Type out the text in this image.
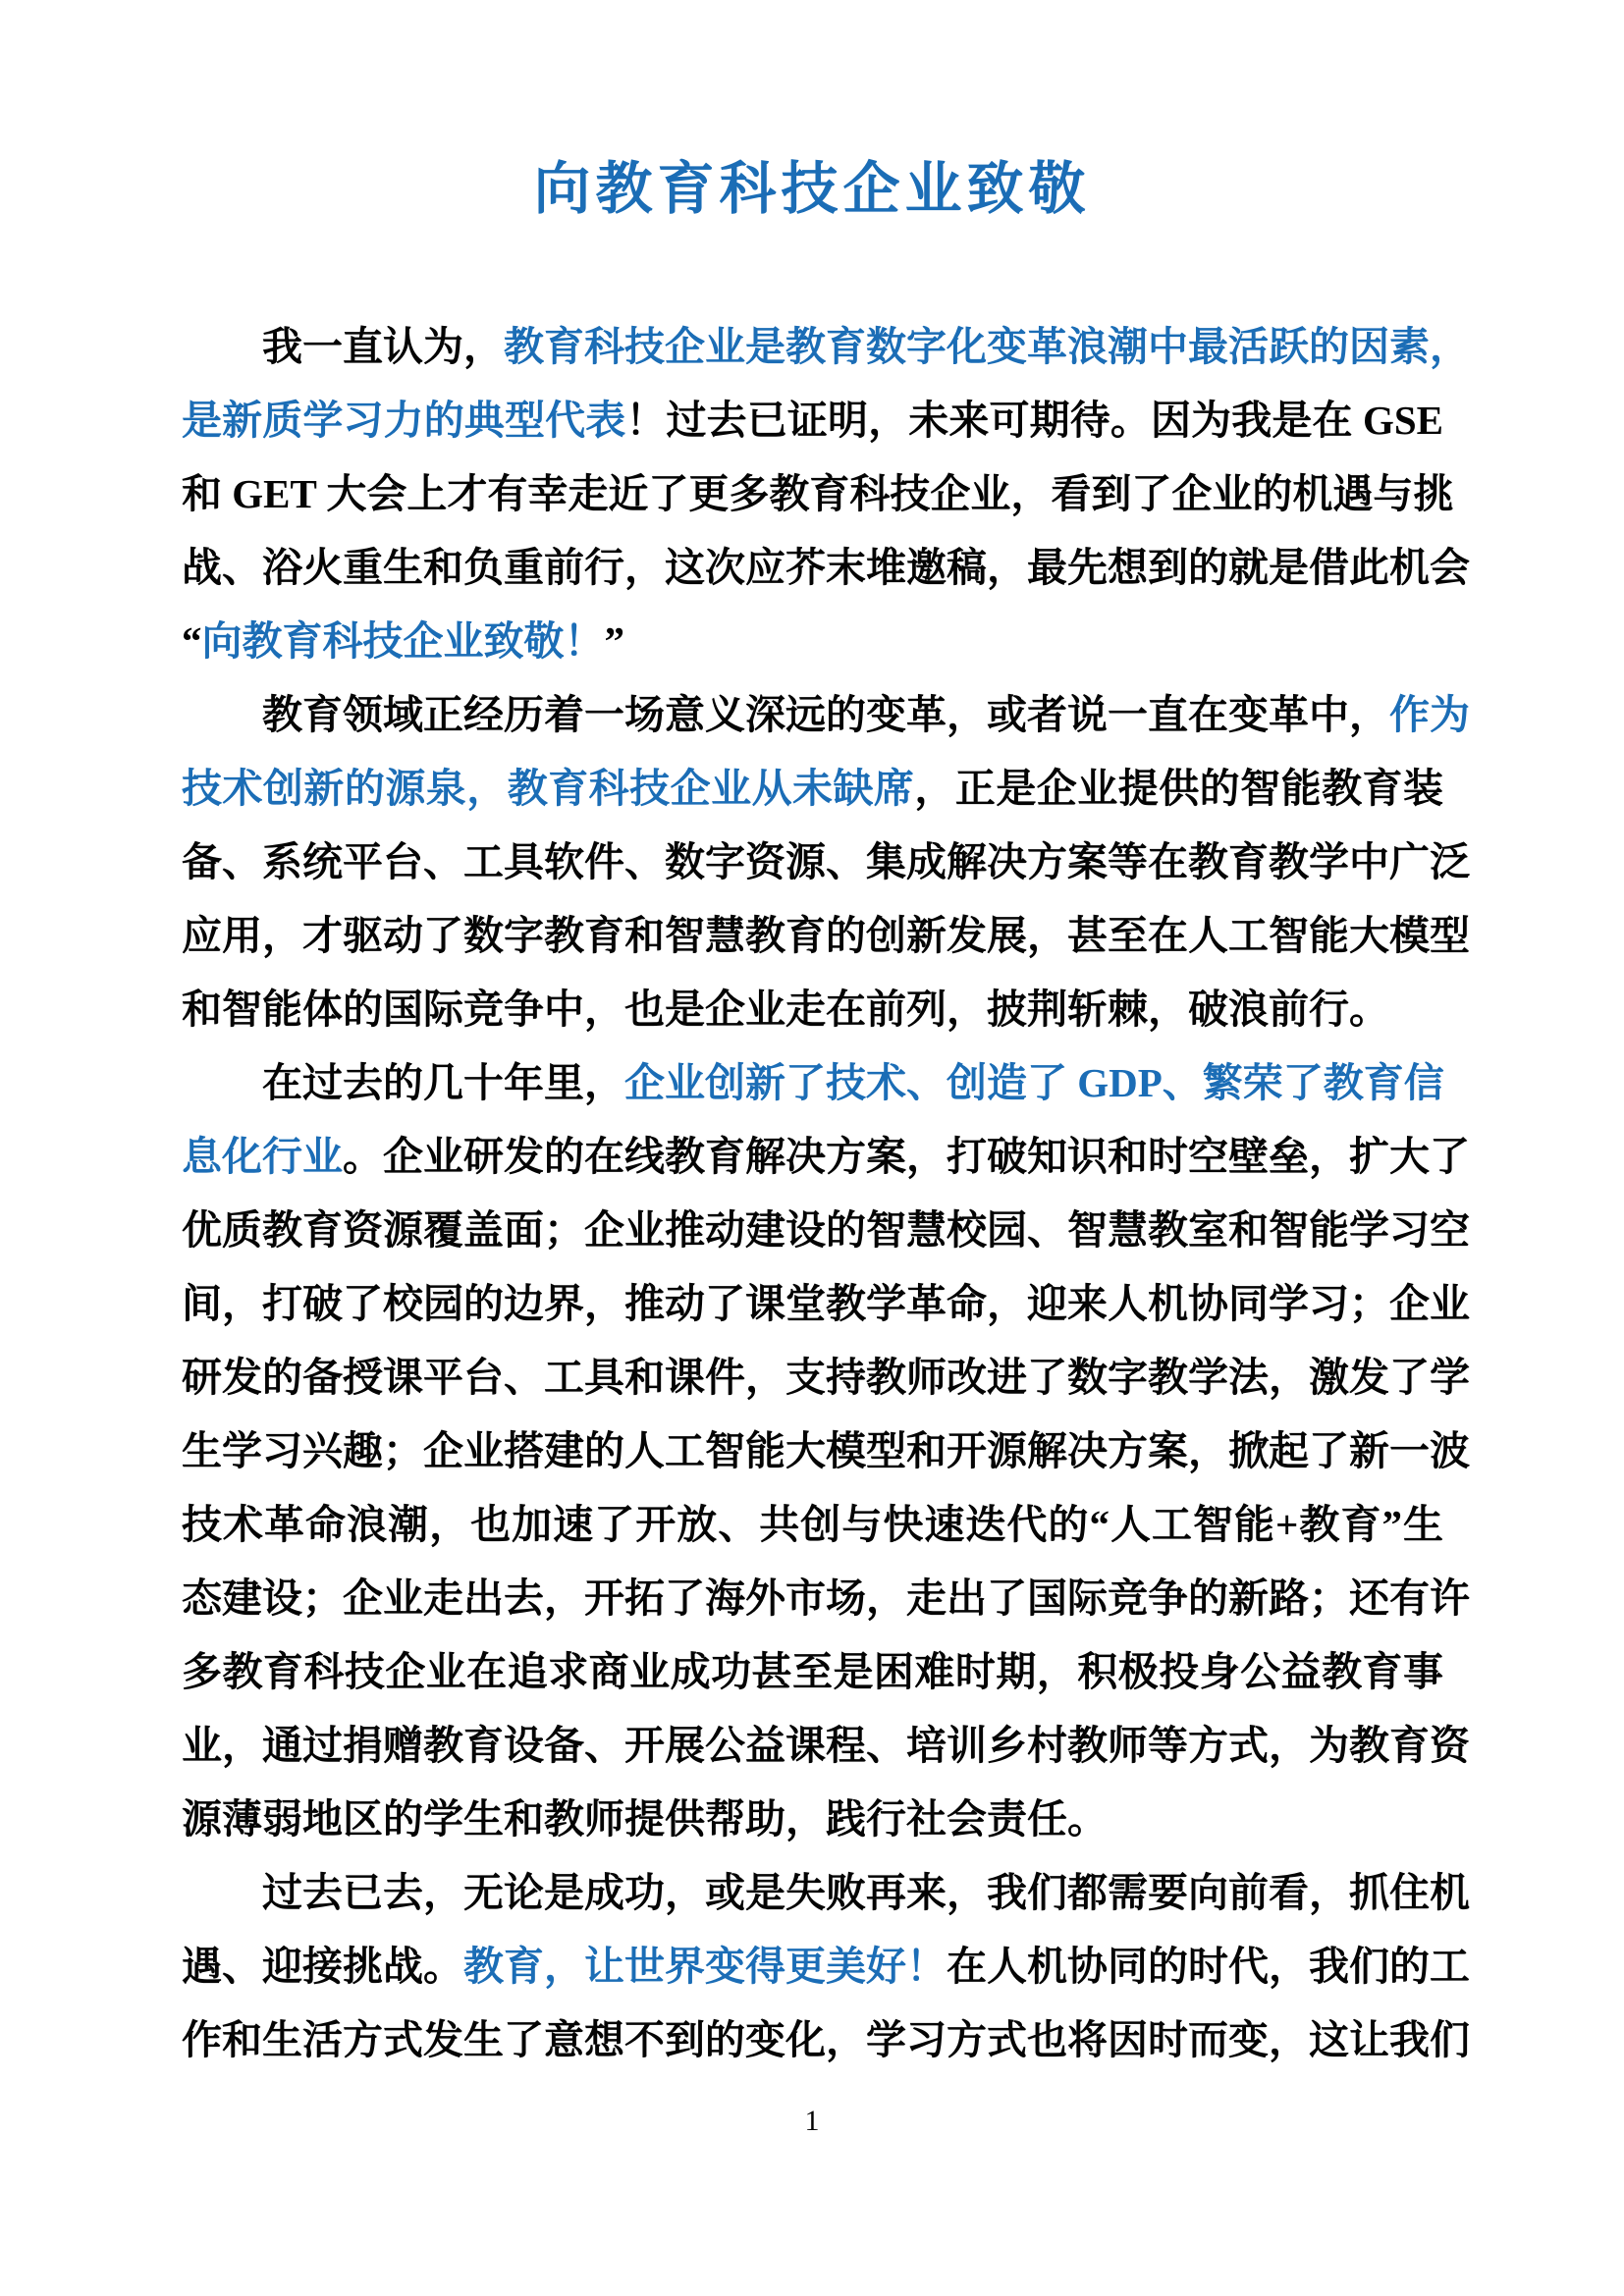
向教育科技企业致敬
我一直认为，教育科技企业是教育数字化变革浪潮中最活跃的因素，
是新质学习力的典型代表！过去已证明，未来可期待。因为我是在 GSE
和 GET 大会上才有幸走近了更多教育科技企业，看到了企业的机遇与挑
战、浴火重生和负重前行，这次应芥末堆邀稿，最先想到的就是借此机会
“向教育科技企业致敬！”
教育领域正经历着一场意义深远的变革，或者说一直在变革中，作为
技术创新的源泉，教育科技企业从未缺席，正是企业提供的智能教育装
备、系统平台、工具软件、数字资源、集成解决方案等在教育教学中广泛
应用，才驱动了数字教育和智慧教育的创新发展，甚至在人工智能大模型
和智能体的国际竞争中，也是企业走在前列，披荆斩棘，破浪前行。
在过去的几十年里，企业创新了技术、创造了 GDP、繁荣了教育信
息化行业。企业研发的在线教育解决方案，打破知识和时空壁垒，扩大了
优质教育资源覆盖面；企业推动建设的智慧校园、智慧教室和智能学习空
间，打破了校园的边界，推动了课堂教学革命，迎来人机协同学习；企业
研发的备授课平台、工具和课件，支持教师改进了数字教学法，激发了学
生学习兴趣；企业搭建的人工智能大模型和开源解决方案，掀起了新一波
技术革命浪潮，也加速了开放、共创与快速迭代的“人工智能+教育”生
态建设；企业走出去，开拓了海外市场，走出了国际竞争的新路；还有许
多教育科技企业在追求商业成功甚至是困难时期，积极投身公益教育事
业，通过捐赠教育设备、开展公益课程、培训乡村教师等方式，为教育资
源薄弱地区的学生和教师提供帮助，践行社会责任。
过去已去，无论是成功，或是失败再来，我们都需要向前看，抓住机
遇、迎接挑战。教育，让世界变得更美好！在人机协同的时代，我们的工
作和生活方式发生了意想不到的变化，学习方式也将因时而变，这让我们
1
